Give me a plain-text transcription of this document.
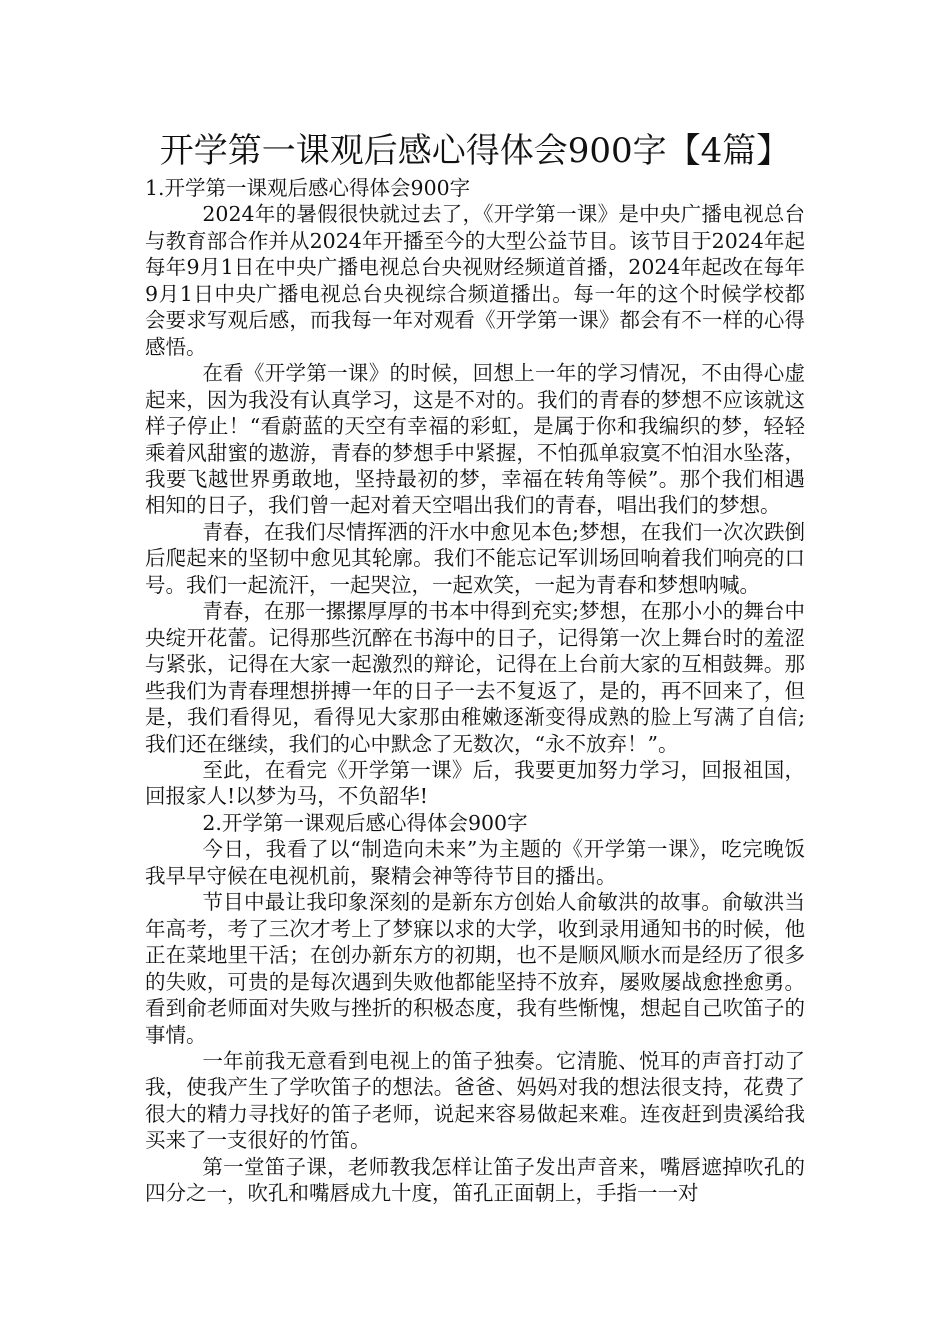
开学第一课观后感心得体会900字【4篇】

1.开学第一课观后感心得体会900字

2024年的暑假很快就过去了，《开学第一课》是中央广播电视总台与教育部合作并从2024年开播至今的大型公益节目。该节目于2024年起每年9月1日在中央广播电视总台央视财经频道首播，2024年起改在每年9月1日中央广播电视总台央视综合频道播出。每一年的这个时候学校都会要求写观后感，而我每一年对观看《开学第一课》都会有不一样的心得感悟。

在看《开学第一课》的时候，回想上一年的学习情况，不由得心虚起来，因为我没有认真学习，这是不对的。我们的青春的梦想不应该就这样子停止！“看蔚蓝的天空有幸福的彩虹，是属于你和我编织的梦，轻轻乘着风甜蜜的遨游，青春的梦想手中紧握，不怕孤单寂寞不怕泪水坠落，我要飞越世界勇敢地，坚持最初的梦，幸福在转角等候”。那个我们相遇相知的日子，我们曾一起对着天空唱出我们的青春，唱出我们的梦想。

青春，在我们尽情挥洒的汗水中愈见本色;梦想，在我们一次次跌倒后爬起来的坚韧中愈见其轮廓。我们不能忘记军训场回响着我们响亮的口号。我们一起流汗，一起哭泣，一起欢笑，一起为青春和梦想呐喊。

青春，在那一摞摞厚厚的书本中得到充实;梦想，在那小小的舞台中央绽开花蕾。记得那些沉醉在书海中的日子，记得第一次上舞台时的羞涩与紧张，记得在大家一起激烈的辩论，记得在上台前大家的互相鼓舞。那些我们为青春理想拼搏一年的日子一去不复返了，是的，再不回来了，但是，我们看得见，看得见大家那由稚嫩逐渐变得成熟的脸上写满了自信;我们还在继续，我们的心中默念了无数次，“永不放弃！”。

至此，在看完《开学第一课》后，我要更加努力学习，回报祖国，回报家人!以梦为马，不负韶华!

2.开学第一课观后感心得体会900字

今日，我看了以“制造向未来”为主题的《开学第一课》，吃完晚饭我早早守候在电视机前，聚精会神等待节目的播出。

节目中最让我印象深刻的是新东方创始人俞敏洪的故事。俞敏洪当年高考，考了三次才考上了梦寐以求的大学，收到录用通知书的时候，他正在菜地里干活；在创办新东方的初期，也不是顺风顺水而是经历了很多的失败，可贵的是每次遇到失败他都能坚持不放弃，屡败屡战愈挫愈勇。看到俞老师面对失败与挫折的积极态度，我有些惭愧，想起自己吹笛子的事情。

一年前我无意看到电视上的笛子独奏。它清脆、悦耳的声音打动了我，使我产生了学吹笛子的想法。爸爸、妈妈对我的想法很支持，花费了很大的精力寻找好的笛子老师，说起来容易做起来难。连夜赶到贵溪给我买来了一支很好的竹笛。

第一堂笛子课，老师教我怎样让笛子发出声音来，嘴唇遮掉吹孔的四分之一，吹孔和嘴唇成九十度，笛孔正面朝上，手指一一对
